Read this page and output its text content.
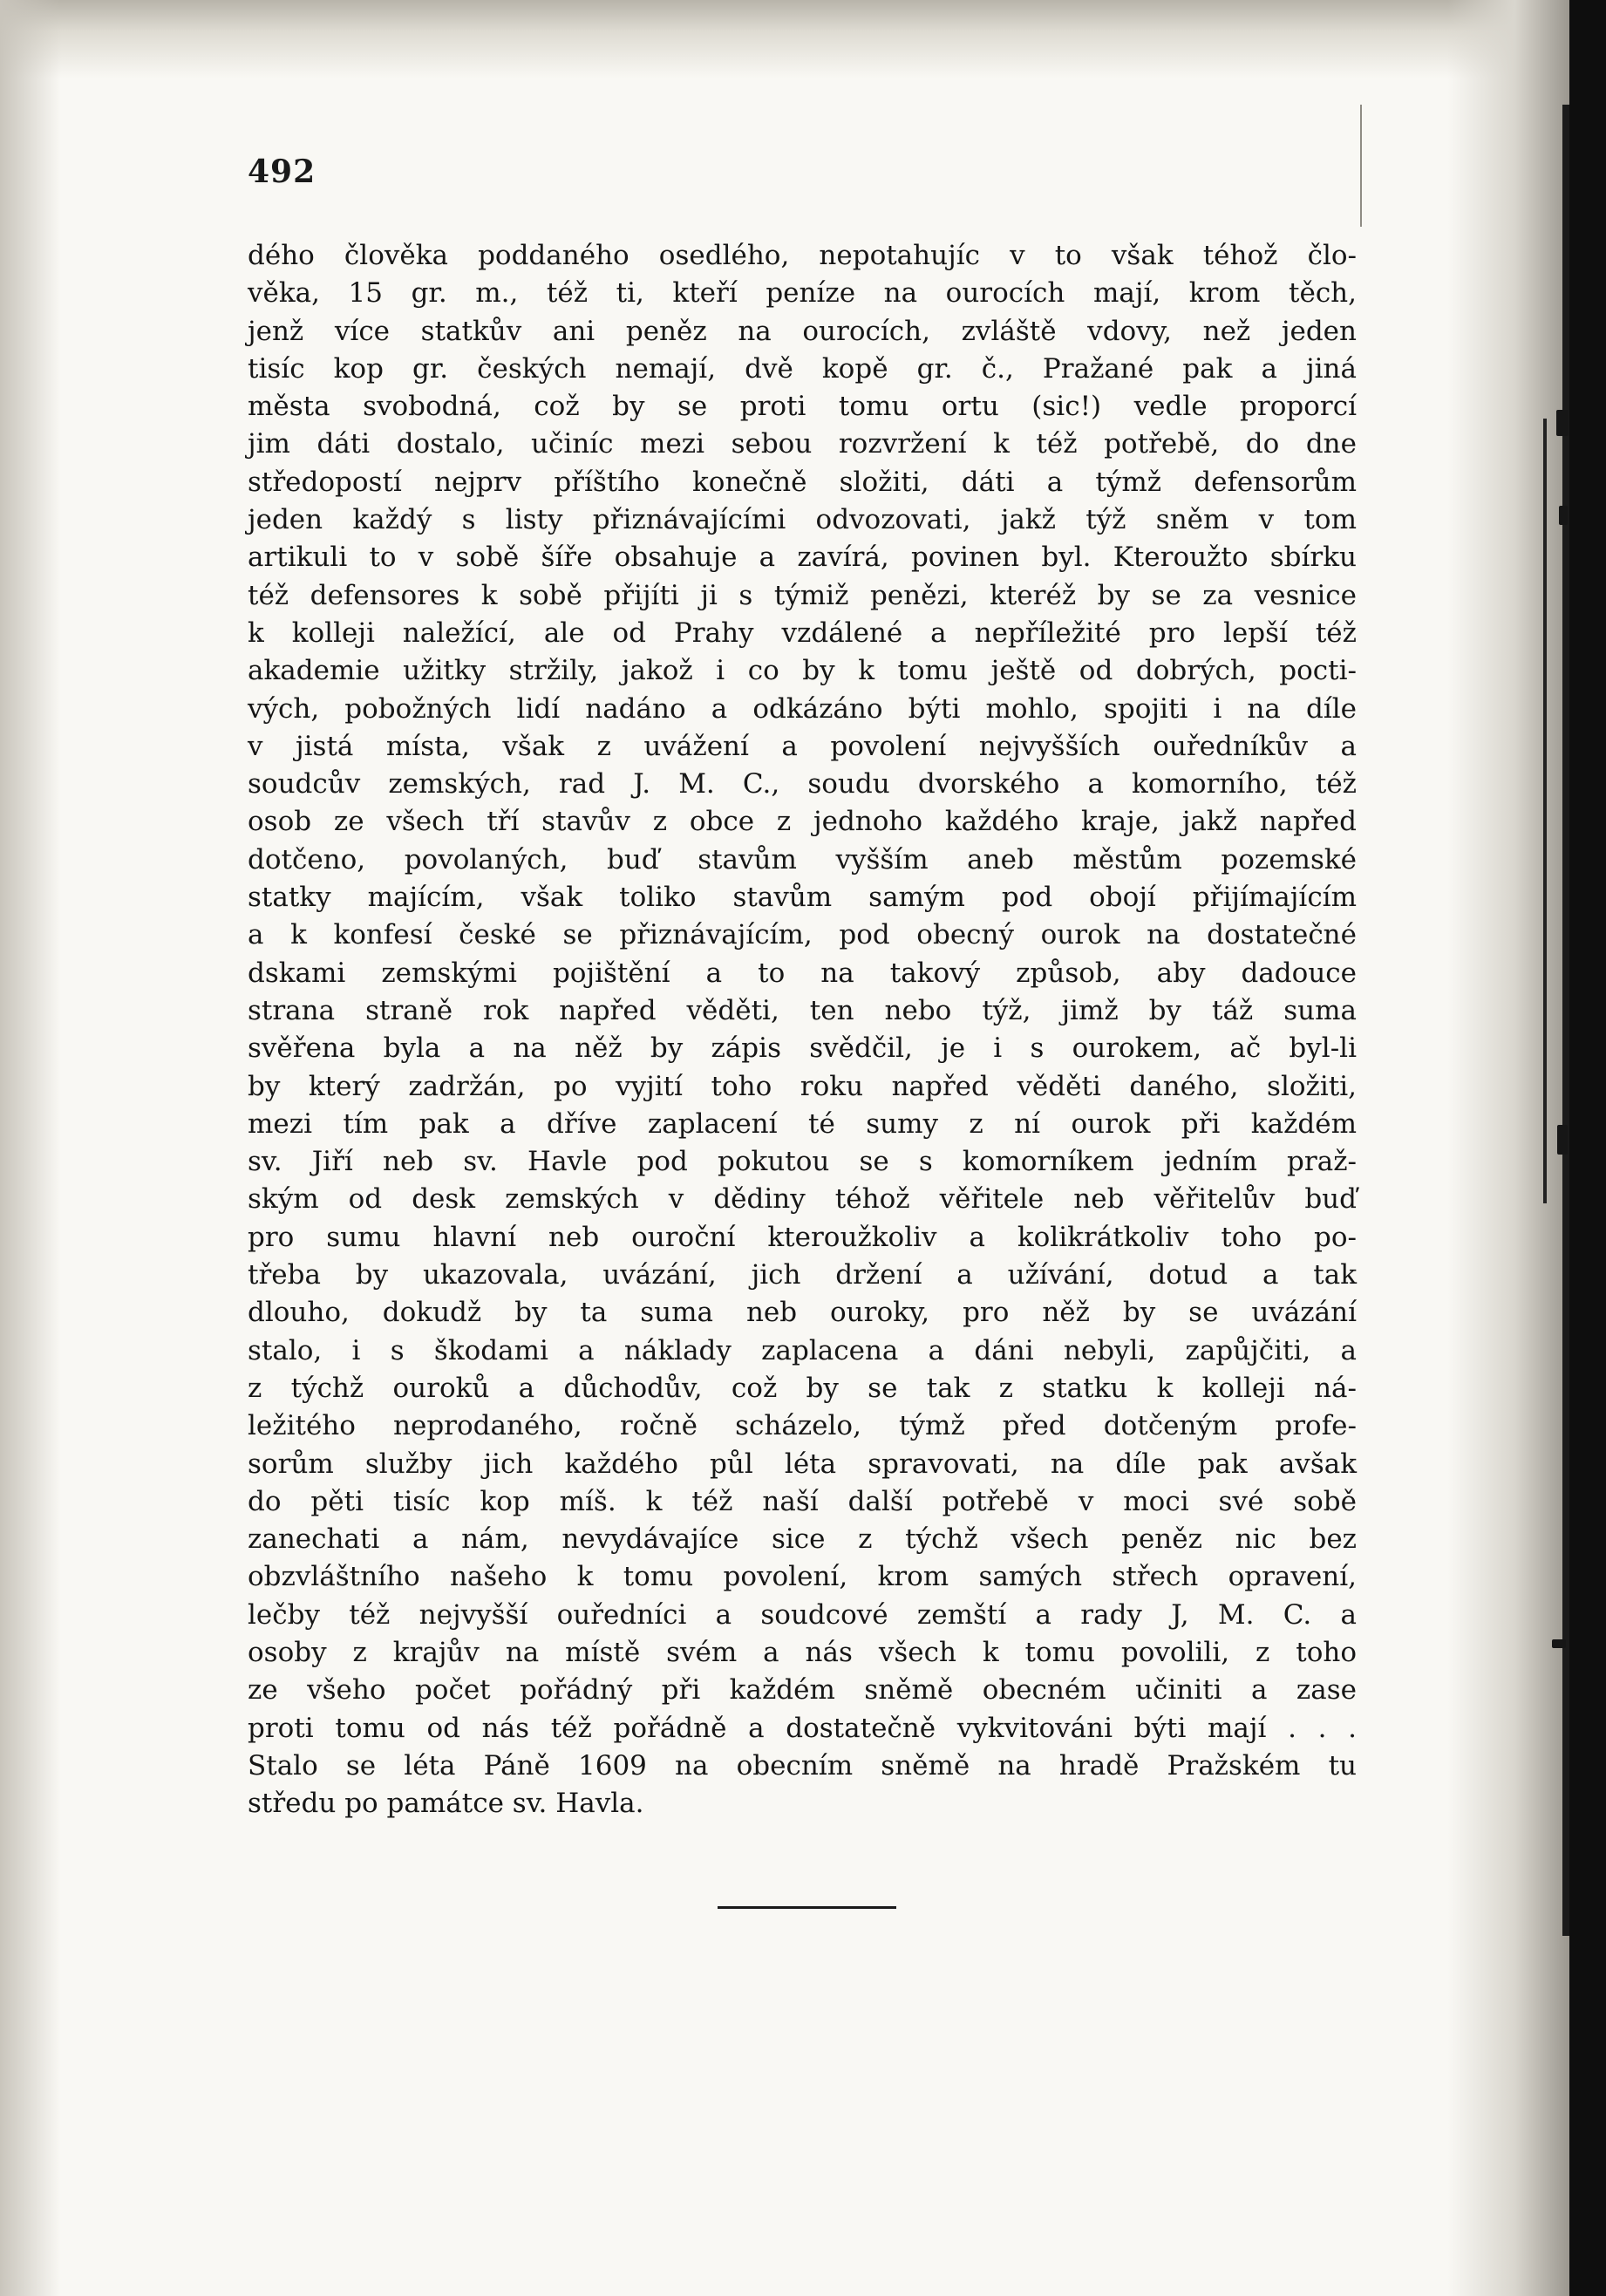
492
dého člověka poddaného osedlého, nepotahujíc v to však téhož člo-
věka, 15 gr. m., též ti, kteří peníze na ourocích mají, krom těch,
jenž více statkův ani peněz na ourocích, zvláště vdovy, než jeden
tisíc kop gr. českých nemají, dvě kopě gr. č., Pražané pak a jiná
města svobodná, což by se proti tomu ortu (sic!) vedle proporcí
jim dáti dostalo, učiníc mezi sebou rozvržení k též potřebě, do dne
středopostí nejprv příštího konečně složiti, dáti a týmž defensorům
jeden každý s listy přiznávajícími odvozovati, jakž týž sněm v tom
artikuli to v sobě šíře obsahuje a zavírá, povinen byl. Kteroužto sbírku
též defensores k sobě přijíti ji s týmiž penězi, kteréž by se za vesnice
k kolleji naležící, ale od Prahy vzdálené a nepříležité pro lepší též
akademie užitky stržily, jakož i co by k tomu ještě od dobrých, pocti-
vých, pobožných lidí nadáno a odkázáno býti mohlo, spojiti i na díle
v jistá místa, však z uvážení a povolení nejvyšších ouředníkův a
soudcův zemských, rad J. M. C., soudu dvorského a komorního, též
osob ze všech tří stavův z obce z jednoho každého kraje, jakž napřed
dotčeno, povolaných, buď stavům vyšším aneb městům pozemské
statky majícím, však toliko stavům samým pod obojí přijímajícím
a k konfesí české se přiznávajícím, pod obecný ourok na dostatečné
dskami zemskými pojištění a to na takový způsob, aby dadouce
strana straně rok napřed věděti, ten nebo týž, jimž by táž suma
svěřena byla a na něž by zápis svědčil, je i s ourokem, ač byl-li
by který zadržán, po vyjití toho roku napřed věděti daného, složiti,
mezi tím pak a dříve zaplacení té sumy z ní ourok při každém
sv. Jiří neb sv. Havle pod pokutou se s komorníkem jedním praž-
ským od desk zemských v dědiny téhož věřitele neb věřitelův buď
pro sumu hlavní neb ouroční kteroužkoliv a kolikrátkoliv toho po-
třeba by ukazovala, uvázání, jich držení a užívání, dotud a tak
dlouho, dokudž by ta suma neb ouroky, pro něž by se uvázání
stalo, i s škodami a náklady zaplacena a dáni nebyli, zapůjčiti, a
z týchž ouroků a důchodův, což by se tak z statku k kolleji ná-
ležitého neprodaného, ročně scházelo, týmž před dotčeným profe-
sorům služby jich každého půl léta spravovati, na díle pak avšak
do pěti tisíc kop míš. k též naší další potřebě v moci své sobě
zanechati a nám, nevydávajíce sice z týchž všech peněz nic bez
obzvláštního našeho k tomu povolení, krom samých střech opravení,
lečby též nejvyšší ouředníci a soudcové zemští a rady J, M. C. a
osoby z krajův na místě svém a nás všech k tomu povolili, z toho
ze všeho počet pořádný při každém sněmě obecném učiniti a zase
proti tomu od nás též pořádně a dostatečně vykvitováni býti mají . . .
Stalo se léta Páně 1609 na obecním sněmě na hradě Pražském tu
středu po památce sv. Havla.
